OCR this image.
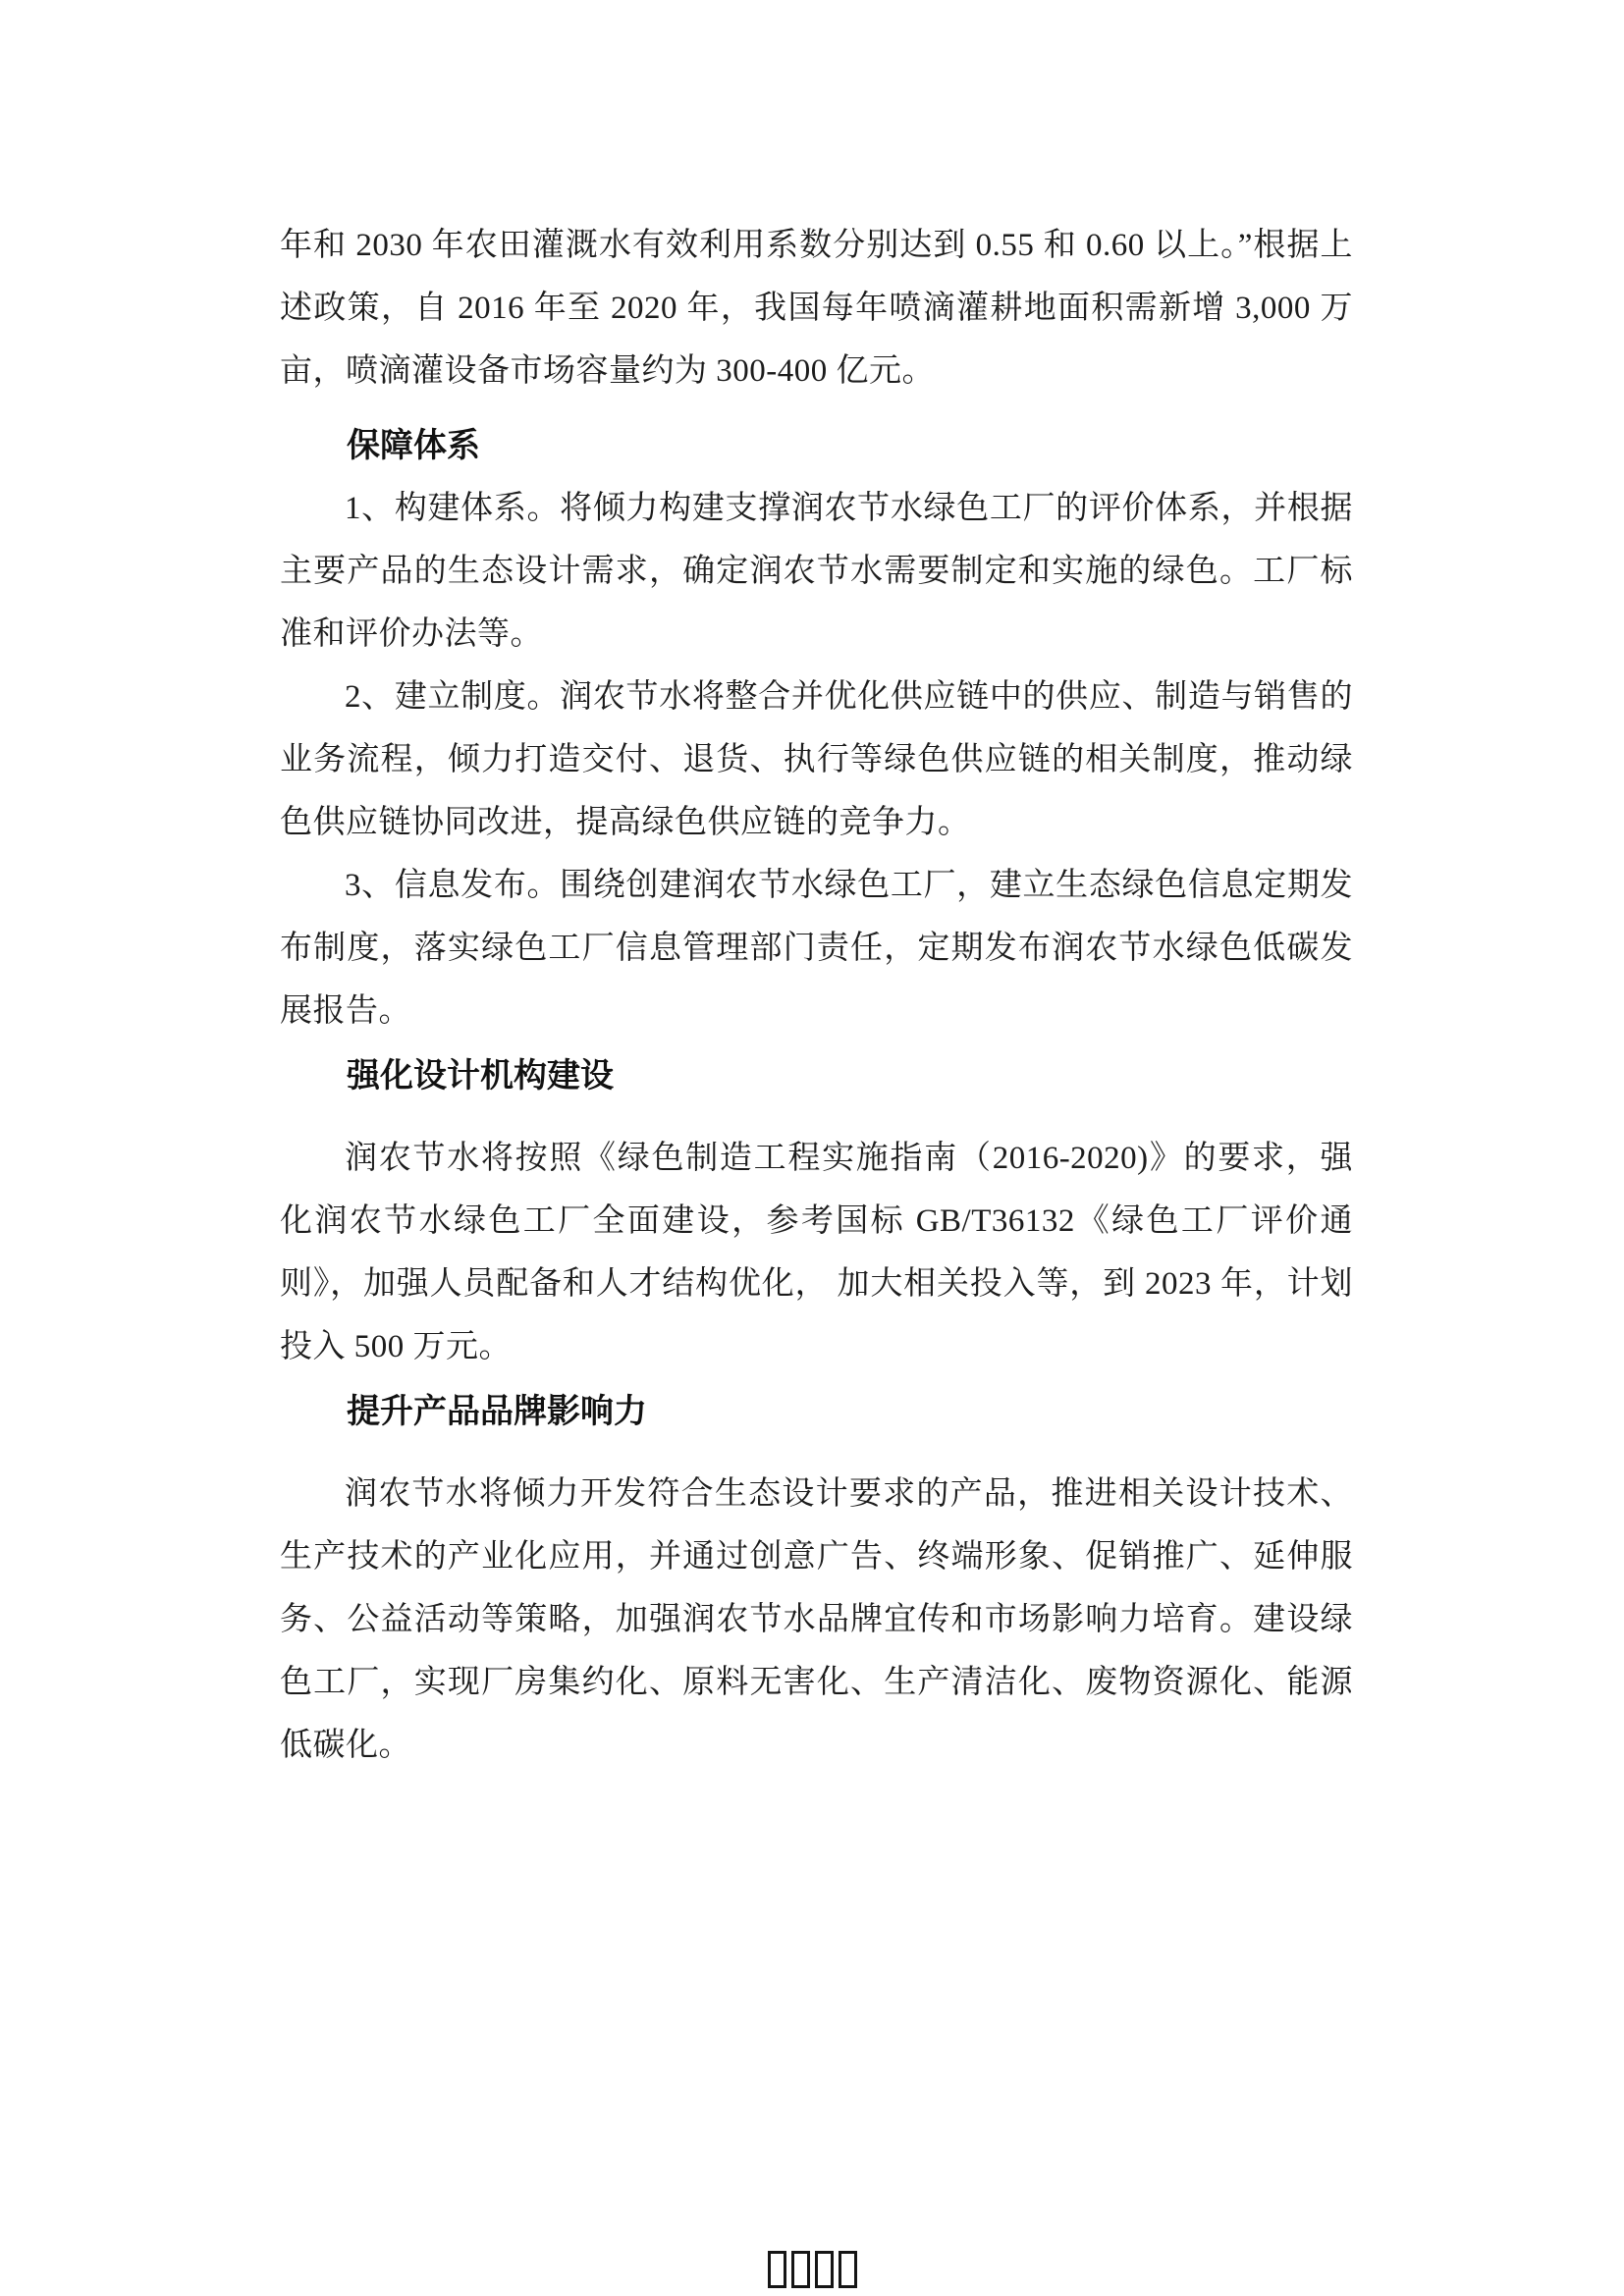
年和 2030 年农田灌溉水有效利用系数分别达到 0.55 和 0.60 以上。”根据上述政策，自 2016 年至 2020 年，我国每年喷滴灌耕地面积需新增 3,000 万亩，喷滴灌设备市场容量约为 300-400 亿元。

保障体系

1、构建体系。将倾力构建支撑润农节水绿色工厂的评价体系，并根据主要产品的生态设计需求，确定润农节水需要制定和实施的绿色。工厂标准和评价办法等。

2、建立制度。润农节水将整合并优化供应链中的供应、制造与销售的业务流程，倾力打造交付、退货、执行等绿色供应链的相关制度，推动绿色供应链协同改进，提高绿色供应链的竞争力。

3、信息发布。围绕创建润农节水绿色工厂，建立生态绿色信息定期发布制度，落实绿色工厂信息管理部门责任，定期发布润农节水绿色低碳发展报告。

强化设计机构建设

润农节水将按照《绿色制造工程实施指南（2016-2020)》的要求，强化润农节水绿色工厂全面建设，参考国标 GB/T36132《绿色工厂评价通则》，加强人员配备和人才结构优化， 加大相关投入等，到 2023 年，计划投入 500 万元。

提升产品品牌影响力

润农节水将倾力开发符合生态设计要求的产品，推进相关设计技术、生产技术的产业化应用，并通过创意广告、终端形象、促销推广、延伸服务、公益活动等策略，加强润农节水品牌宜传和市场影响力培育。建设绿色工厂，实现厂房集约化、原料无害化、生产清洁化、废物资源化、能源低碳化。
